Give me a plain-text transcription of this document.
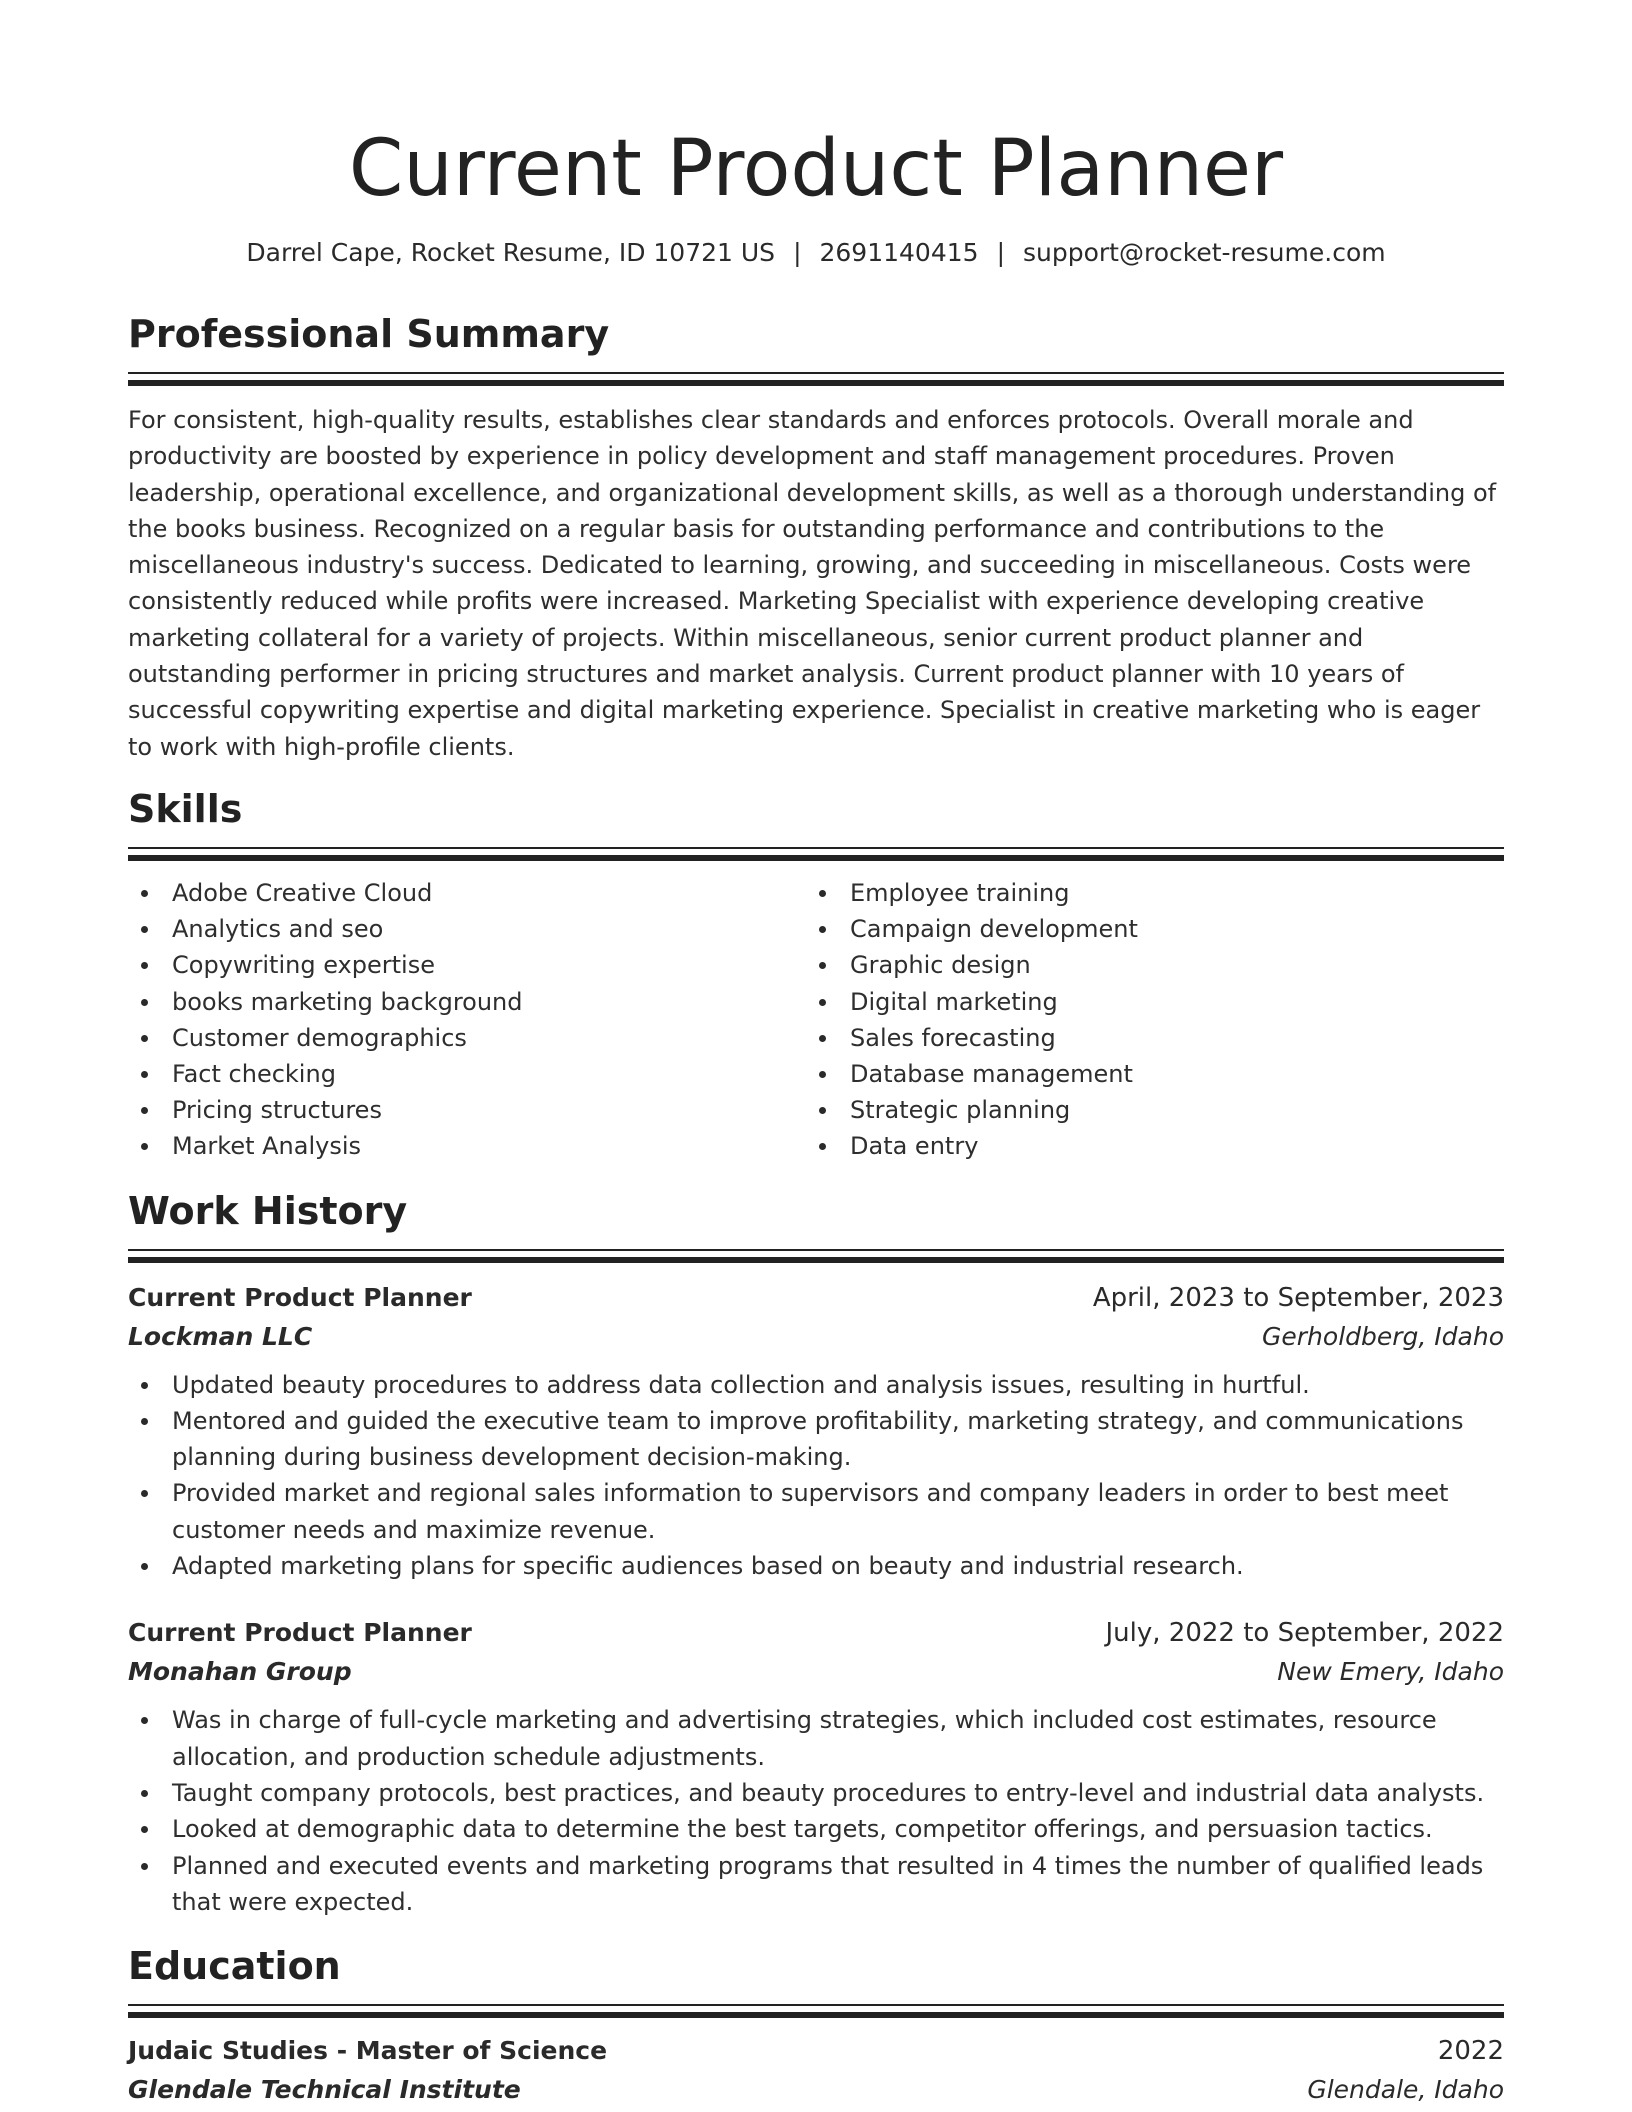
Current Product Planner
Darrel Cape, Rocket Resume, ID 10721 US | 2691140415 | support@rocket-resume.com
Professional Summary
For consistent, high-quality results, establishes clear standards and enforces protocols. Overall morale and productivity are boosted by experience in policy development and staff management procedures. Proven leadership, operational excellence, and organizational development skills, as well as a thorough understanding of the books business. Recognized on a regular basis for outstanding performance and contributions to the miscellaneous industry's success. Dedicated to learning, growing, and succeeding in miscellaneous. Costs were consistently reduced while profits were increased. Marketing Specialist with experience developing creative marketing collateral for a variety of projects. Within miscellaneous, senior current product planner and outstanding performer in pricing structures and market analysis. Current product planner with 10 years of successful copywriting expertise and digital marketing experience. Specialist in creative marketing who is eager to work with high-profile clients.
Skills
Adobe Creative Cloud
Analytics and seo
Copywriting expertise
books marketing background
Customer demographics
Fact checking
Pricing structures
Market Analysis
Employee training
Campaign development
Graphic design
Digital marketing
Sales forecasting
Database management
Strategic planning
Data entry
Work History
Current Product Planner	April, 2023 to September, 2023
Lockman LLC	Gerholdberg, Idaho
Updated beauty procedures to address data collection and analysis issues, resulting in hurtful.
Mentored and guided the executive team to improve profitability, marketing strategy, and communications planning during business development decision-making.
Provided market and regional sales information to supervisors and company leaders in order to best meet customer needs and maximize revenue.
Adapted marketing plans for specific audiences based on beauty and industrial research.
Current Product Planner	July, 2022 to September, 2022
Monahan Group	New Emery, Idaho
Was in charge of full-cycle marketing and advertising strategies, which included cost estimates, resource allocation, and production schedule adjustments.
Taught company protocols, best practices, and beauty procedures to entry-level and industrial data analysts.
Looked at demographic data to determine the best targets, competitor offerings, and persuasion tactics.
Planned and executed events and marketing programs that resulted in 4 times the number of qualified leads that were expected.
Education
Judaic Studies - Master of Science	2022
Glendale Technical Institute	Glendale, Idaho
